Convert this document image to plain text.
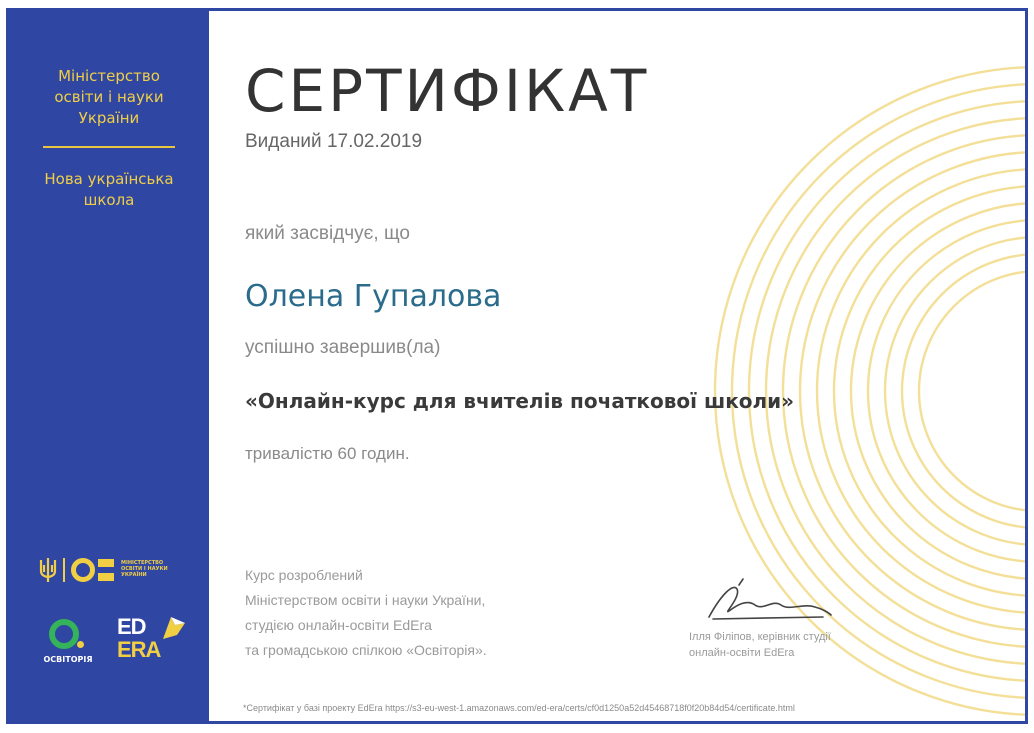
Міністерство
освіти і науки
України
Нова українська
школа
МІНІСТЕРСТВО
ОСВІТИ І НАУКИ
УКРАЇНИ
ОСВІТОРІЯ
ED
ERA
СЕРТИФІКАТ
Виданий 17.02.2019
який засвідчує, що
Олена Гупалова
успішно завершив(ла)
«Онлайн-курс для вчителів початкової школи»
тривалістю 60 годин.
Курс розроблений
Міністерством освіти і науки України,
студією онлайн-освіти EdEra
та громадською спілкою «Освіторія».
Ілля Філіпов, керівник студії
онлайн-освіти EdEra
*Сертифікат у базі проекту EdEra https://s3-eu-west-1.amazonaws.com/ed-era/certs/cf0d1250a52d45468718f0f20b84d54/certificate.html
